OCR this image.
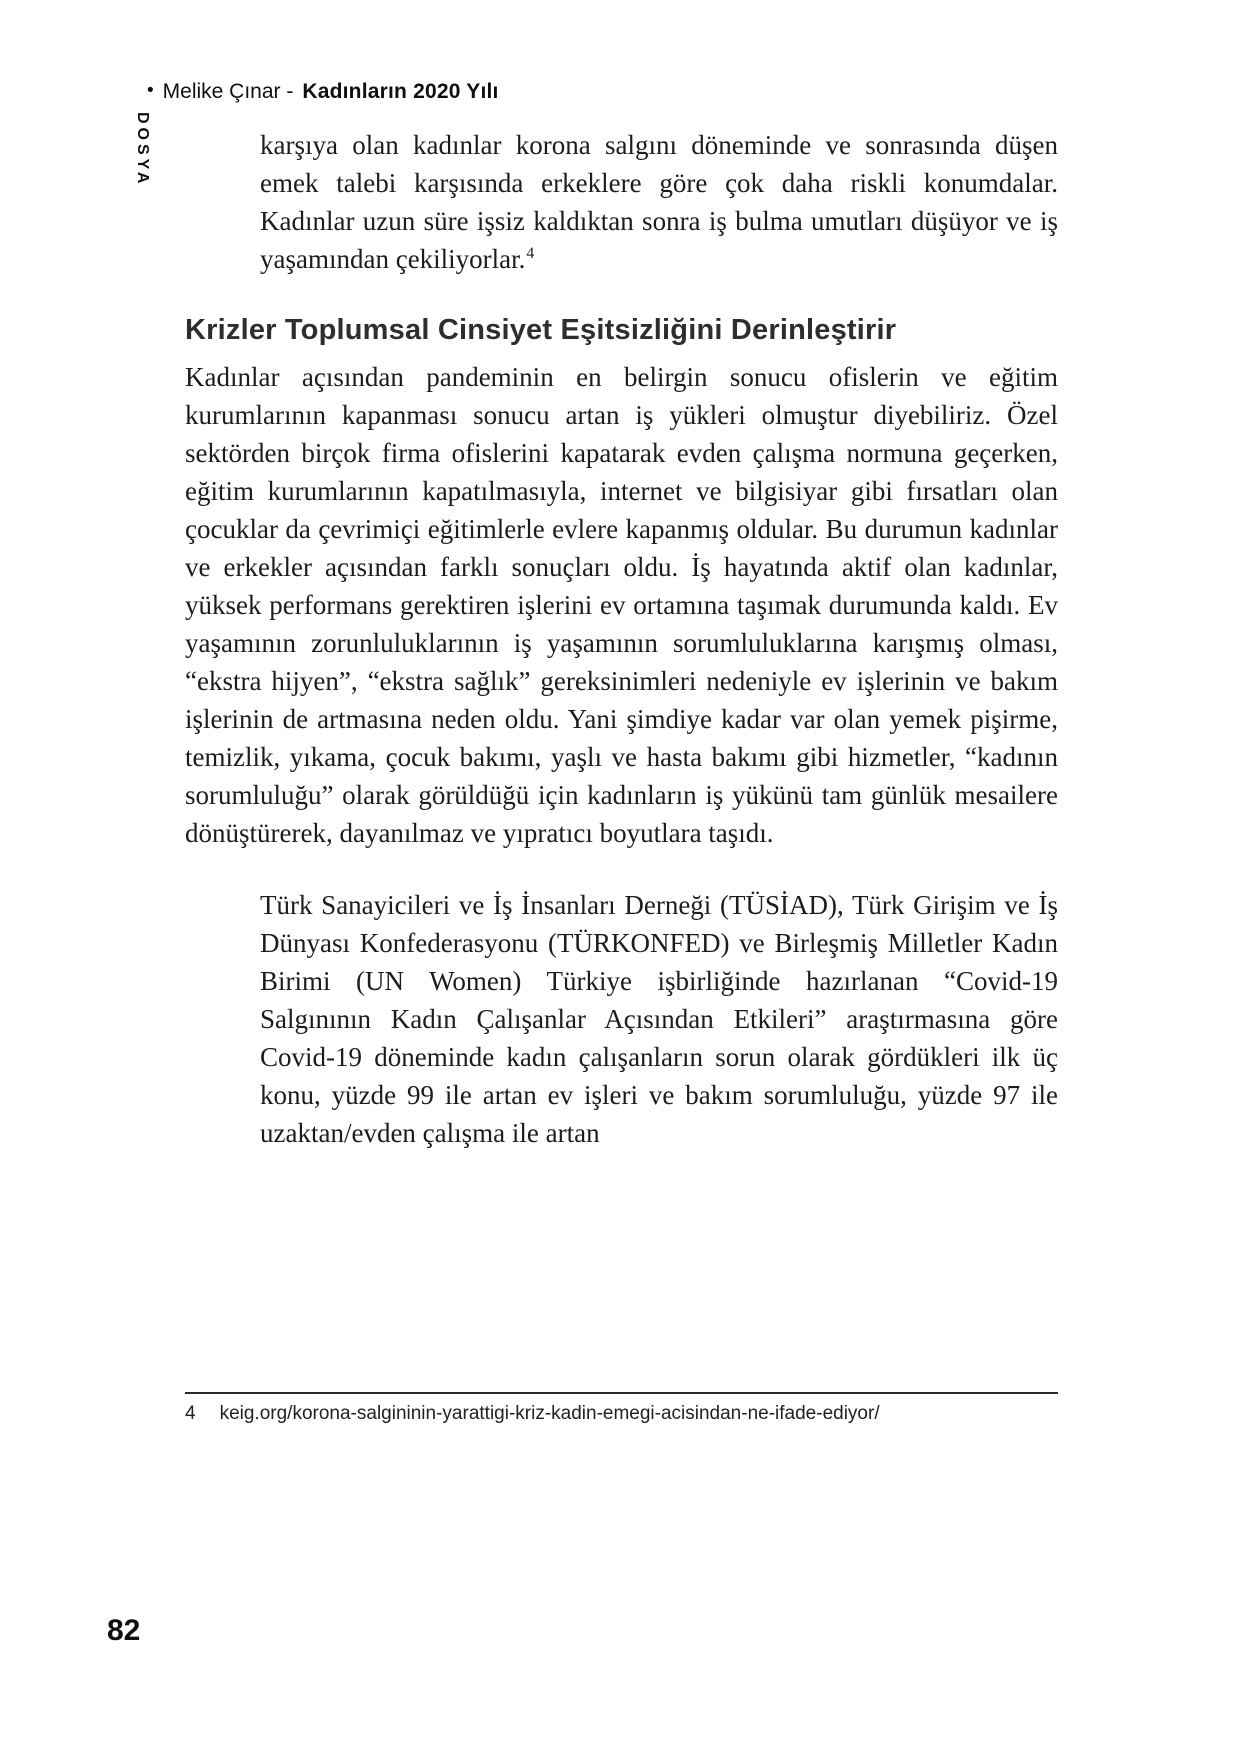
• Melike Çınar - Kadınların 2020 Yılı
DOSYA	karşıya olan kadınlar korona salgını döneminde ve sonrasında düşen emek talebi karşısında erkeklere göre çok daha riskli konumdalar. Kadınlar uzun süre işsiz kaldıktan sonra iş bulma umutları düşüyor ve iş yaşamından çekiliyorlar.$^4$

Krizler Toplumsal Cinsiyet Eşitsizliğini Derinleştirir

Kadınlar açısından pandeminin en belirgin sonucu ofislerin ve eğitim kurumlarının kapanması sonucu artan iş yükleri olmuştur diyebiliriz. Özel sektörden birçok firma ofislerini kapatarak evden çalışma normuna geçerken, eğitim kurumlarının kapatılmasıyla, internet ve bilgisiyar gibi fırsatları olan çocuklar da çevrimiçi eğitimlerle evlere kapanmış oldular. Bu durumun kadınlar ve erkekler açısından farklı sonuçları oldu. İş hayatında aktif olan kadınlar, yüksek performans gerektiren işlerini ev ortamına taşımak durumunda kaldı. Ev yaşamının zorunluluklarının iş yaşamının sorumluluklarına karışmış olması, “ekstra hijyen”, “ekstra sağlık” gereksinimleri nedeniyle ev işlerinin ve bakım işlerinin de artmasına neden oldu. Yani şimdiye kadar var olan yemek pişirme, temizlik, yıkama, çocuk bakımı, yaşlı ve hasta bakımı gibi hizmetler, “kadının sorumluluğu” olarak görüldüğü için kadınların iş yükünü tam günlük mesailere dönüştürerek, dayanılmaz ve yıpratıcı boyutlara taşıdı.

Türk Sanayicileri ve İş İnsanları Derneği (TÜSİAD), Türk Girişim ve İş Dünyası Konfederasyonu (TÜRKONFED) ve Birleşmiş Milletler Kadın Birimi (UN Women) Türkiye işbirliğinde hazırlanan “Covid-19 Salgınının Kadın Çalışanlar Açısından Etkileri” araştırmasına göre Covid-19 döneminde kadın çalışanların sorun olarak gördükleri ilk üç konu, yüzde 99 ile artan ev işleri ve bakım sorumluluğu, yüzde 97 ile uzaktan/evden çalışma ile artan

4 keig.org/korona-salgininin-yarattigi-kriz-kadin-emegi-acisindan-ne-ifade-ediyor/
82
